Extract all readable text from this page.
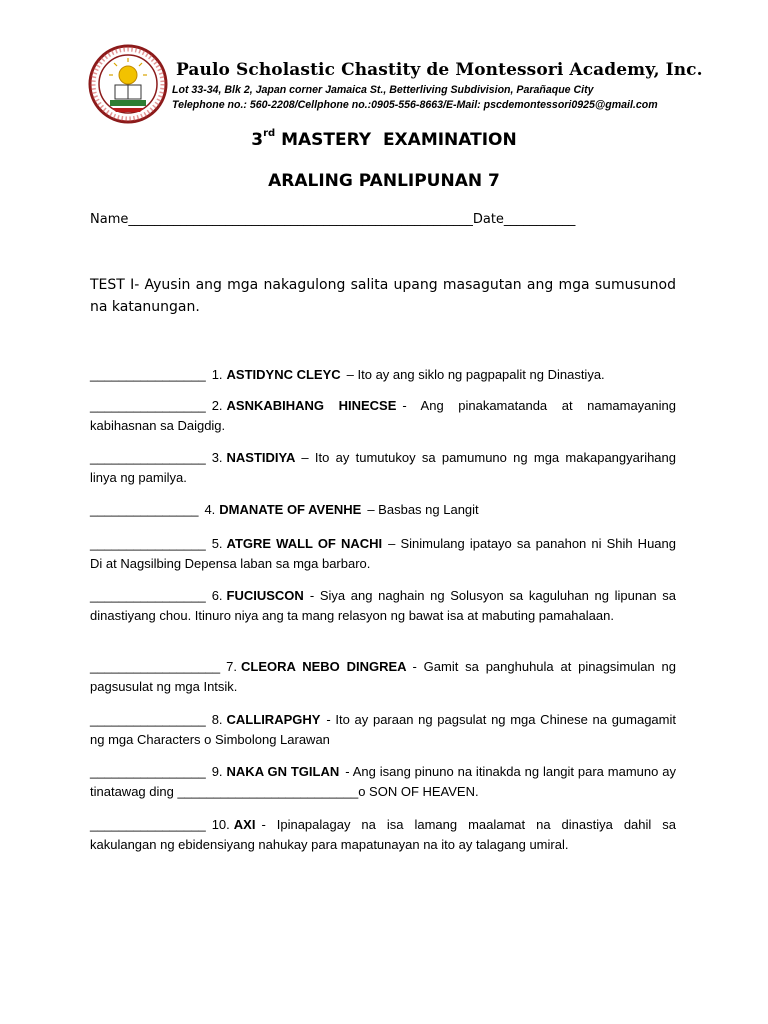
Paulo Scholastic Chastity de Montessori Academy, Inc.
Lot 33-34, Blk 2, Japan corner Jamaica St., Betterliving Subdivision, Parañaque City
Telephone no.: 560-2208/Cellphone no.:0905-556-8663/E-Mail: pscdemontessori0925@gmail.com
3rd MASTERY  EXAMINATION
ARALING PANLIPUNAN 7
Name_____________________________________________________Date___________
TEST I- Ayusin ang mga nakagulong salita upang masagutan ang mga sumusunod na katanungan.
________________ 1. ASTIDYNC CLEYC – Ito ay ang siklo ng pagpapalit ng Dinastiya.
________________ 2. ASNKABIHANG HINECSE - Ang pinakamatanda at namamayaning kabihasnan sa Daigdig.
________________ 3. NASTIDIYA – Ito ay tumutukoy sa pamumuno ng mga makapangyarihang linya ng pamilya.
_______________ 4. DMANATE OF AVENHE – Basbas ng Langit
________________ 5. ATGRE WALL OF NACHI – Sinimulang ipatayo sa panahon ni Shih Huang Di at Nagsilbing Depensa laban sa mga barbaro.
________________ 6. FUCIUSCON - Siya ang naghain ng Solusyon sa kaguluhan ng lipunan sa dinastiyang chou. Itinuro niya ang ta mang relasyon ng bawat isa at mabuting pamahalaan.
__________________ 7. CLEORA NEBO DINGREA - Gamit sa panghuhula at pinagsimulan ng pagsusulat ng mga Intsik.
________________ 8. CALLIRAPGHY - Ito ay paraan ng pagsulat ng mga Chinese na gumagamit ng mga Characters o Simbolong Larawan
________________ 9. NAKA GN TGILAN - Ang isang pinuno na itinakda ng langit para mamuno ay tinatawag ding _________________________o SON OF HEAVEN.
________________ 10. AXI - Ipinapalagay na isa lamang maalamat na dinastiya dahil sa kakulangan ng ebidensiyang nahukay para mapatunayan na ito ay talagang umiral.
